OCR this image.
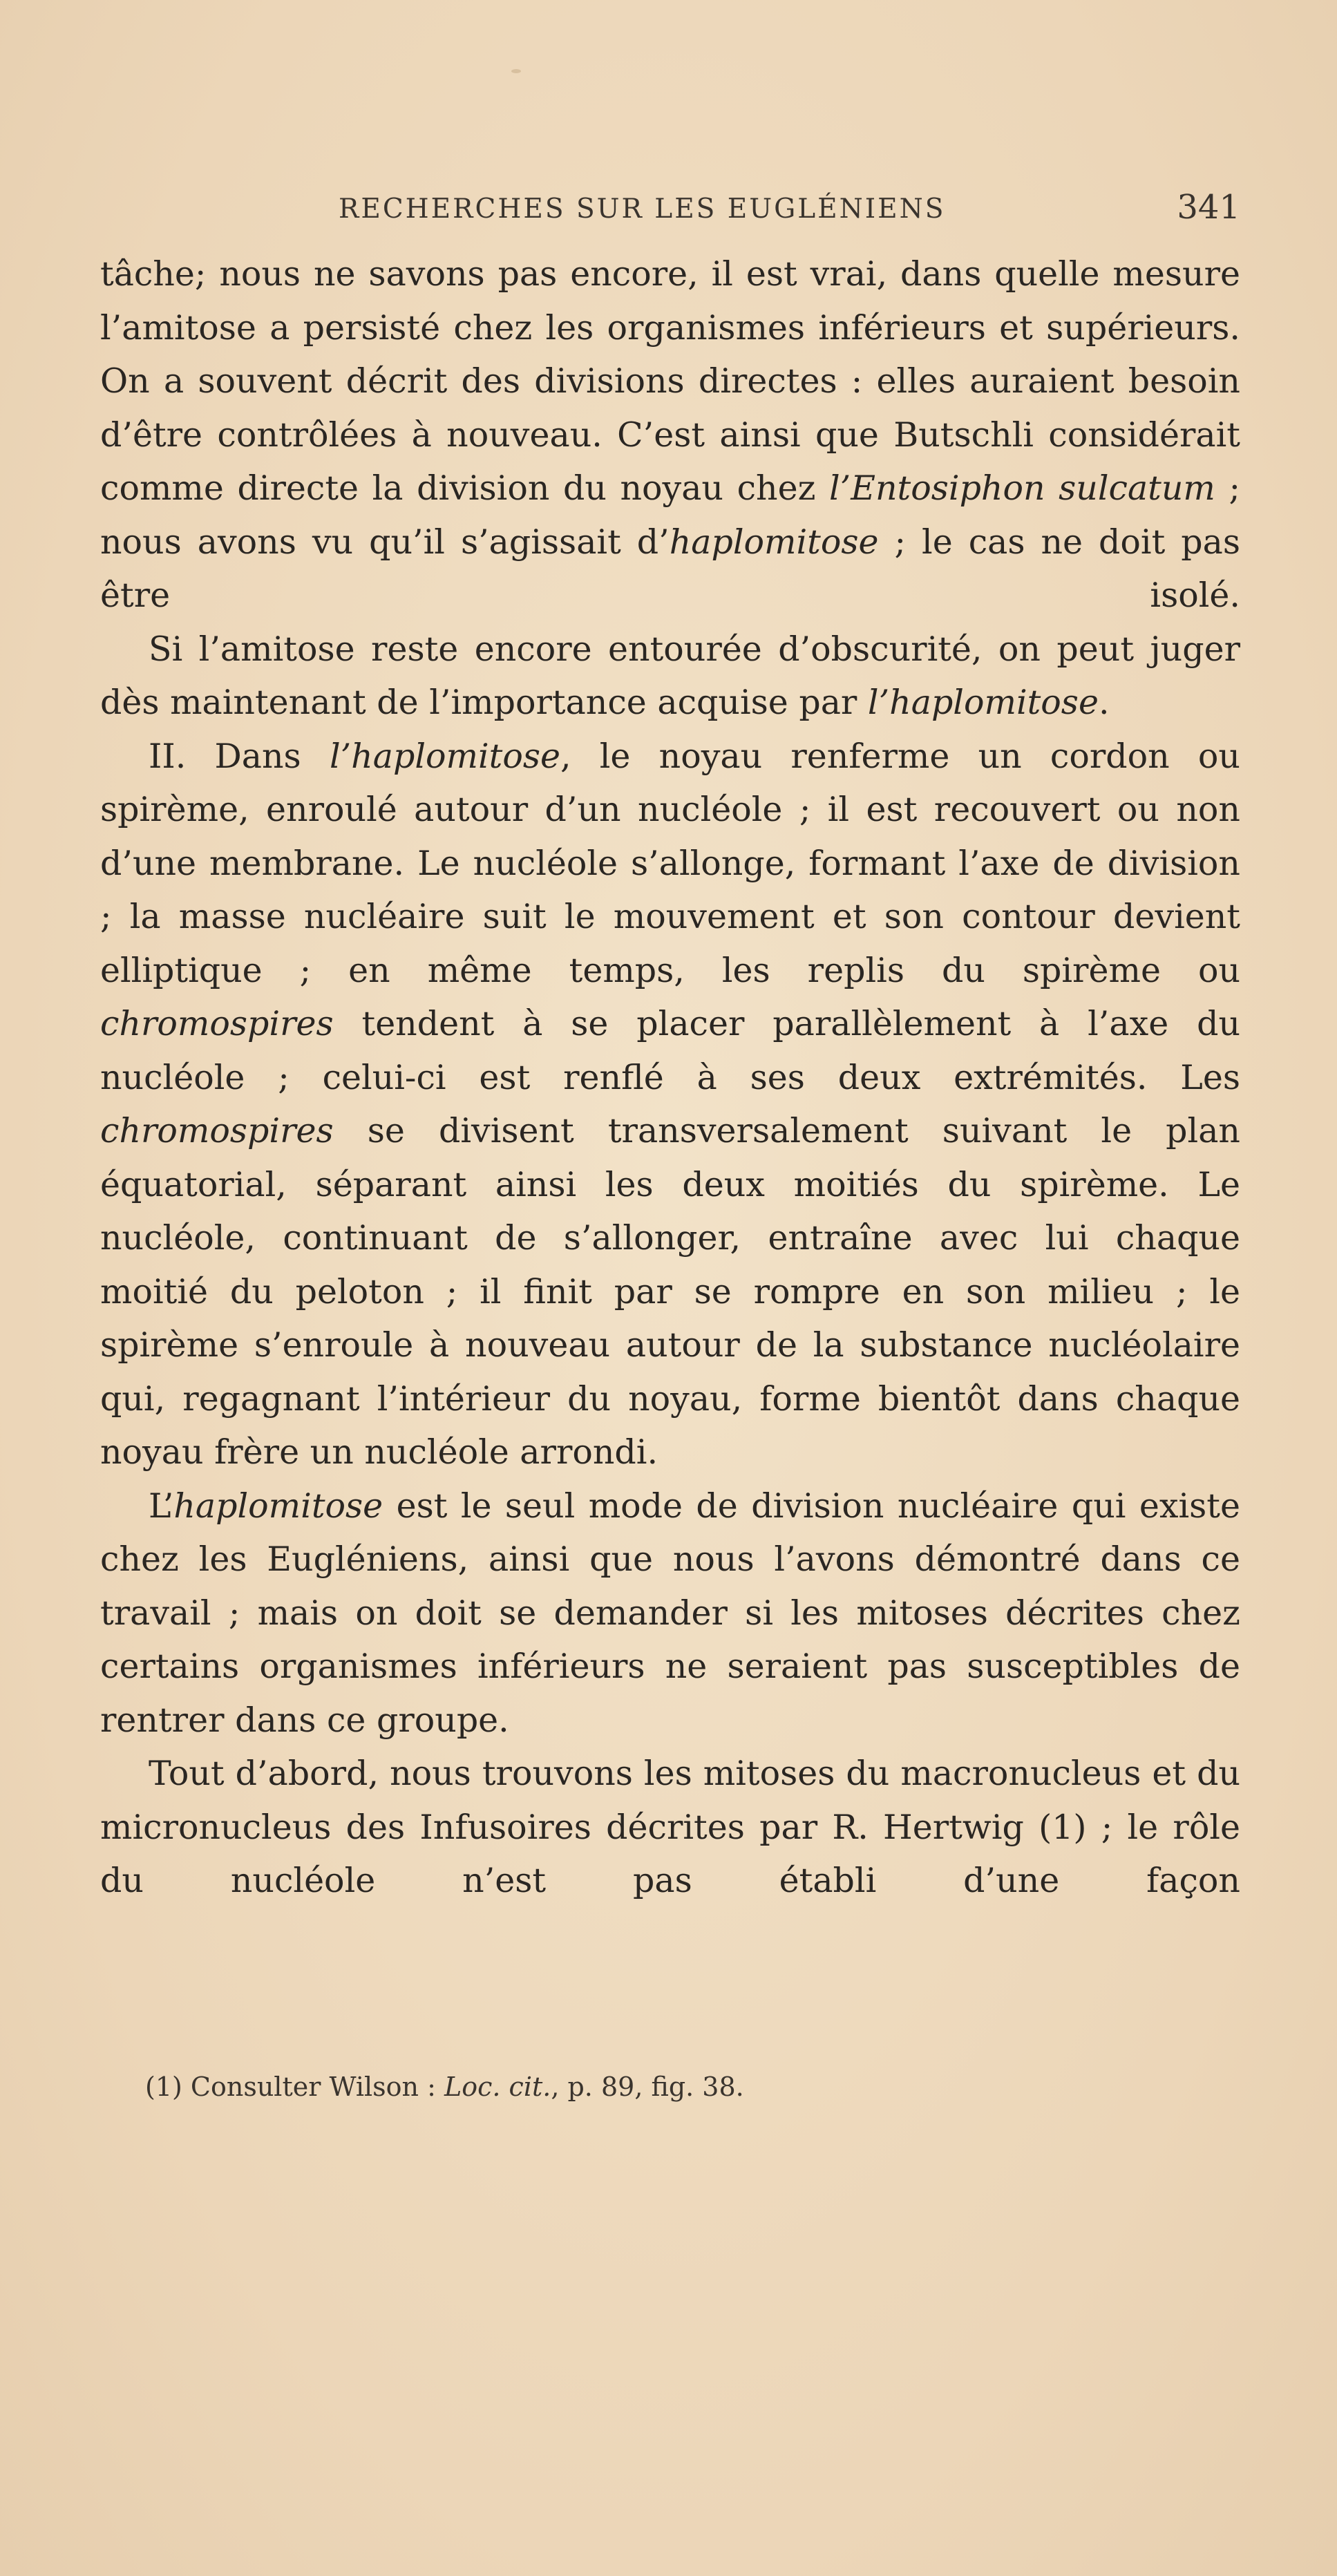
RECHERCHES SUR LES EUGLÉNIENS	341

tâche; nous ne savons pas encore, il est vrai, dans quelle mesure l’amitose a persisté chez les organismes inférieurs et supérieurs. On a souvent décrit des divisions directes : elles auraient besoin d’être contrôlées à nouveau. C’est ainsi que Butschli considérait comme directe la division du noyau chez l’Entosiphon sulcatum ; nous avons vu qu’il s’agissait d’haplomitose ; le cas ne doit pas être isolé.

Si l’amitose reste encore entourée d’obscurité, on peut juger dès maintenant de l’importance acquise par l’haplomitose.

II. Dans l’haplomitose, le noyau renferme un cordon ou spirème, enroulé autour d’un nucléole ; il est recouvert ou non d’une membrane. Le nucléole s’allonge, formant l’axe de division ; la masse nucléaire suit le mouvement et son contour devient elliptique ; en même temps, les replis du spirème ou chromospires tendent à se placer parallèlement à l’axe du nucléole ; celui-ci est renflé à ses deux extrémités. Les chromospires se divisent transversalement suivant le plan équatorial, séparant ainsi les deux moitiés du spirème. Le nucléole, continuant de s’allonger, entraîne avec lui chaque moitié du peloton ; il finit par se rompre en son milieu ; le spirème s’enroule à nouveau autour de la substance nucléolaire qui, regagnant l’intérieur du noyau, forme bientôt dans chaque noyau frère un nucléole arrondi.

L’haplomitose est le seul mode de division nucléaire qui existe chez les Eugléniens, ainsi que nous l’avons démontré dans ce travail ; mais on doit se demander si les mitoses décrites chez certains organismes inférieurs ne seraient pas susceptibles de rentrer dans ce groupe.

Tout d’abord, nous trouvons les mitoses du macronucleus et du micronucleus des Infusoires décrites par R. Hertwig (1) ; le rôle du nucléole n’est pas établi d’une façon

(1) Consulter Wilson : Loc. cit., p. 89, fig. 38.
